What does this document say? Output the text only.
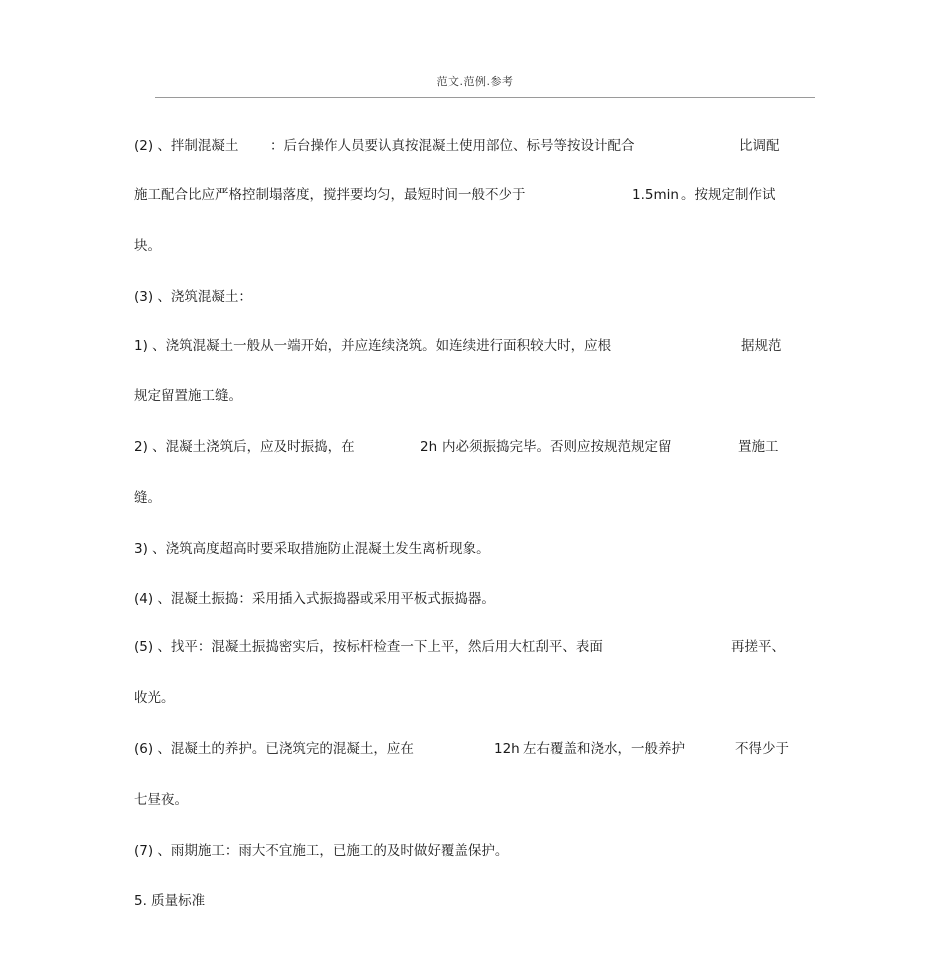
范文.范例.参考
(2) 、拌制混凝土 ：后台操作人员要认真按混凝土使用部位、标号等按设计配合	比调配
施工配合比应严格控制塌落度，搅拌要均匀，最短时间一般不少于	1.5min 。按规定制作试
块。
(3) 、浇筑混凝土：
1) 、浇筑混凝土一般从一端开始，并应连续浇筑。如连续进行面积较大时，应根	据规范
规定留置施工缝。
2) 、混凝土浇筑后，应及时振捣，在	2h 内必须振捣完毕。否则应按规范规定留	置施工
缝。
3) 、浇筑高度超高时要采取措施防止混凝土发生离析现象。
(4) 、混凝土振捣：采用插入式振捣器或采用平板式振捣器。
(5) 、找平：混凝土振捣密实后，按标杆检查一下上平，然后用大杠刮平、表面	再搓平、
收光。
(6) 、混凝土的养护。已浇筑完的混凝土，应在	12h 左右覆盖和浇水，一般养护	不得少于
七昼夜。
(7) 、雨期施工：雨大不宜施工，已施工的及时做好覆盖保护。
5. 质量标准
